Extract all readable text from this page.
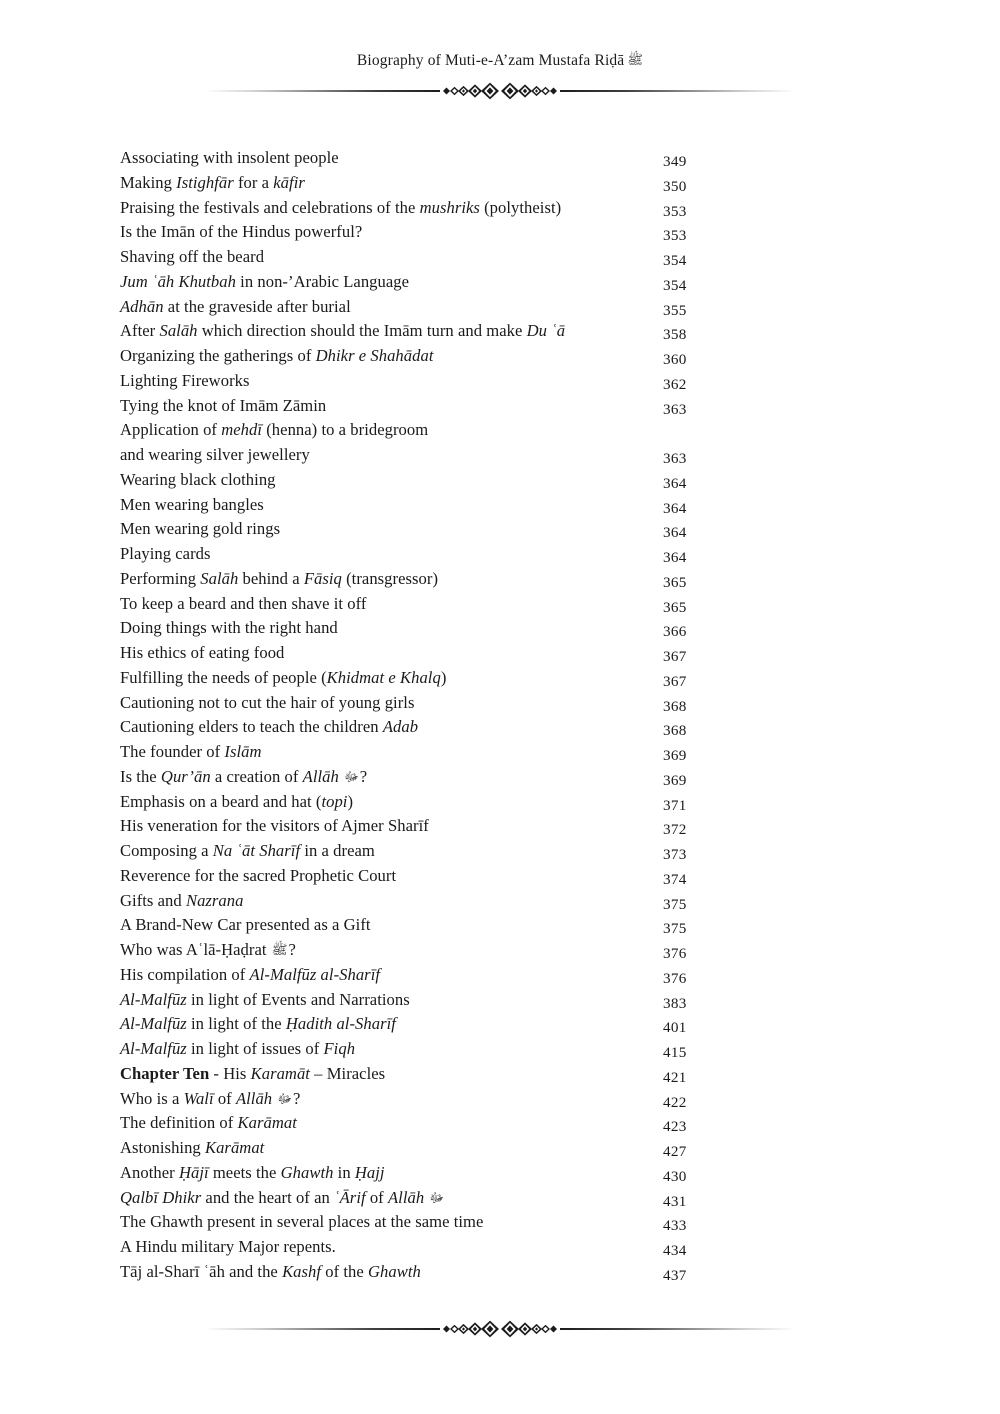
Biography of Muti-e-A’zam Mustafa Riḍā ﷺ
Associating with insolent people	349
Making Istighfār for a kāfir	350
Praising the festivals and celebrations of the mushriks (polytheist)	353
Is the Imān of the Hindus powerful?	353
Shaving off the beard	354
Jum ʿāh Khutbah in non-’Arabic Language	354
Adhān at the graveside after burial	355
After Salāh which direction should the Imām turn and make Du ʿā	358
Organizing the gatherings of Dhikr e Shahādat	360
Lighting Fireworks	362
Tying the knot of Imām Zāmin	363
Application of mehdī (henna) to a bridegroom
and wearing silver jewellery	363
Wearing black clothing	364
Men wearing bangles	364
Men wearing gold rings	364
Playing cards	364
Performing Salāh behind a Fāsiq (transgressor)	365
To keep a beard and then shave it off	365
Doing things with the right hand	366
His ethics of eating food	367
Fulfilling the needs of people (Khidmat e Khalq)	367
Cautioning not to cut the hair of young girls	368
Cautioning elders to teach the children Adab	368
The founder of Islām	369
Is the Qur’ān a creation of Allāh ﷻ?	369
Emphasis on a beard and hat (topi)	371
His veneration for the visitors of Ajmer Sharīf	372
Composing a Na ʿāt Sharīf in a dream	373
Reverence for the sacred Prophetic Court	374
Gifts and Nazrana	375
A Brand-New Car presented as a Gift	375
Who was Aʿlā-Ḥaḍrat ﷺ?	376
His compilation of Al-Malfūz al-Sharīf	376
Al-Malfūz in light of Events and Narrations	383
Al-Malfūz in light of the Ḥadith al-Sharīf	401
Al-Malfūz in light of issues of Fiqh	415
Chapter Ten - His Karamāt – Miracles	421
Who is a Walī of Allāh ﷻ?	422
The definition of Karāmat	423
Astonishing Karāmat	427
Another Ḥājī meets the Ghawth in Ḥajj	430
Qalbī Dhikr and the heart of an ʿĀrif of Allāh ﷻ	431
The Ghawth present in several places at the same time	433
A Hindu military Major repents.	434
Tāj al-Sharī ʿāh and the Kashf of the Ghawth	437
